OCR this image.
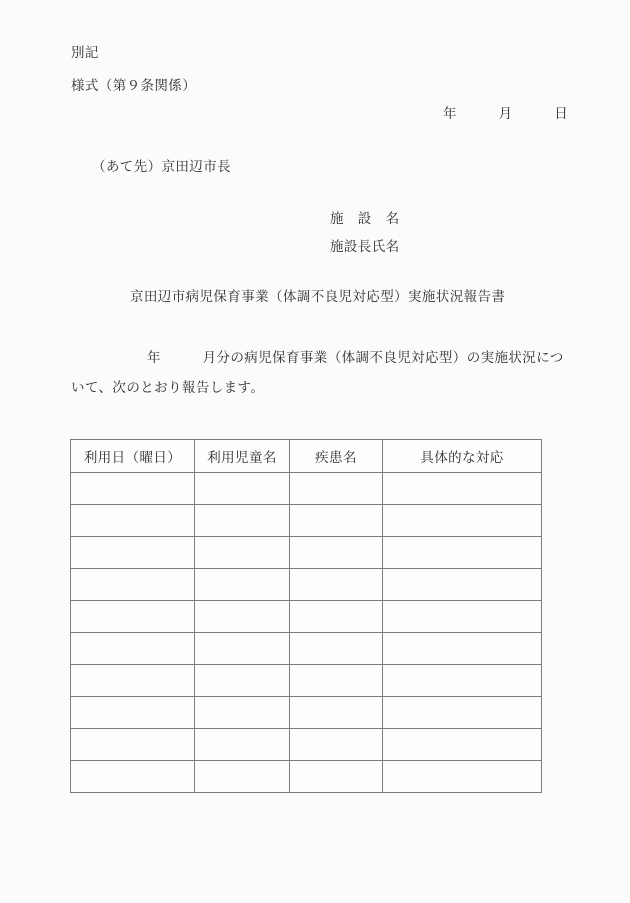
別記
様式（第９条関係）
年　　　月　　　日
（あて先）京田辺市長
施　設　名
施設長氏名
京田辺市病児保育事業（体調不良児対応型）実施状況報告書
年　　　月分の病児保育事業（体調不良児対応型）の実施状況につ
いて、次のとおり報告します。
利用日（曜日）	利用児童名	疾患名	具体的な対応
